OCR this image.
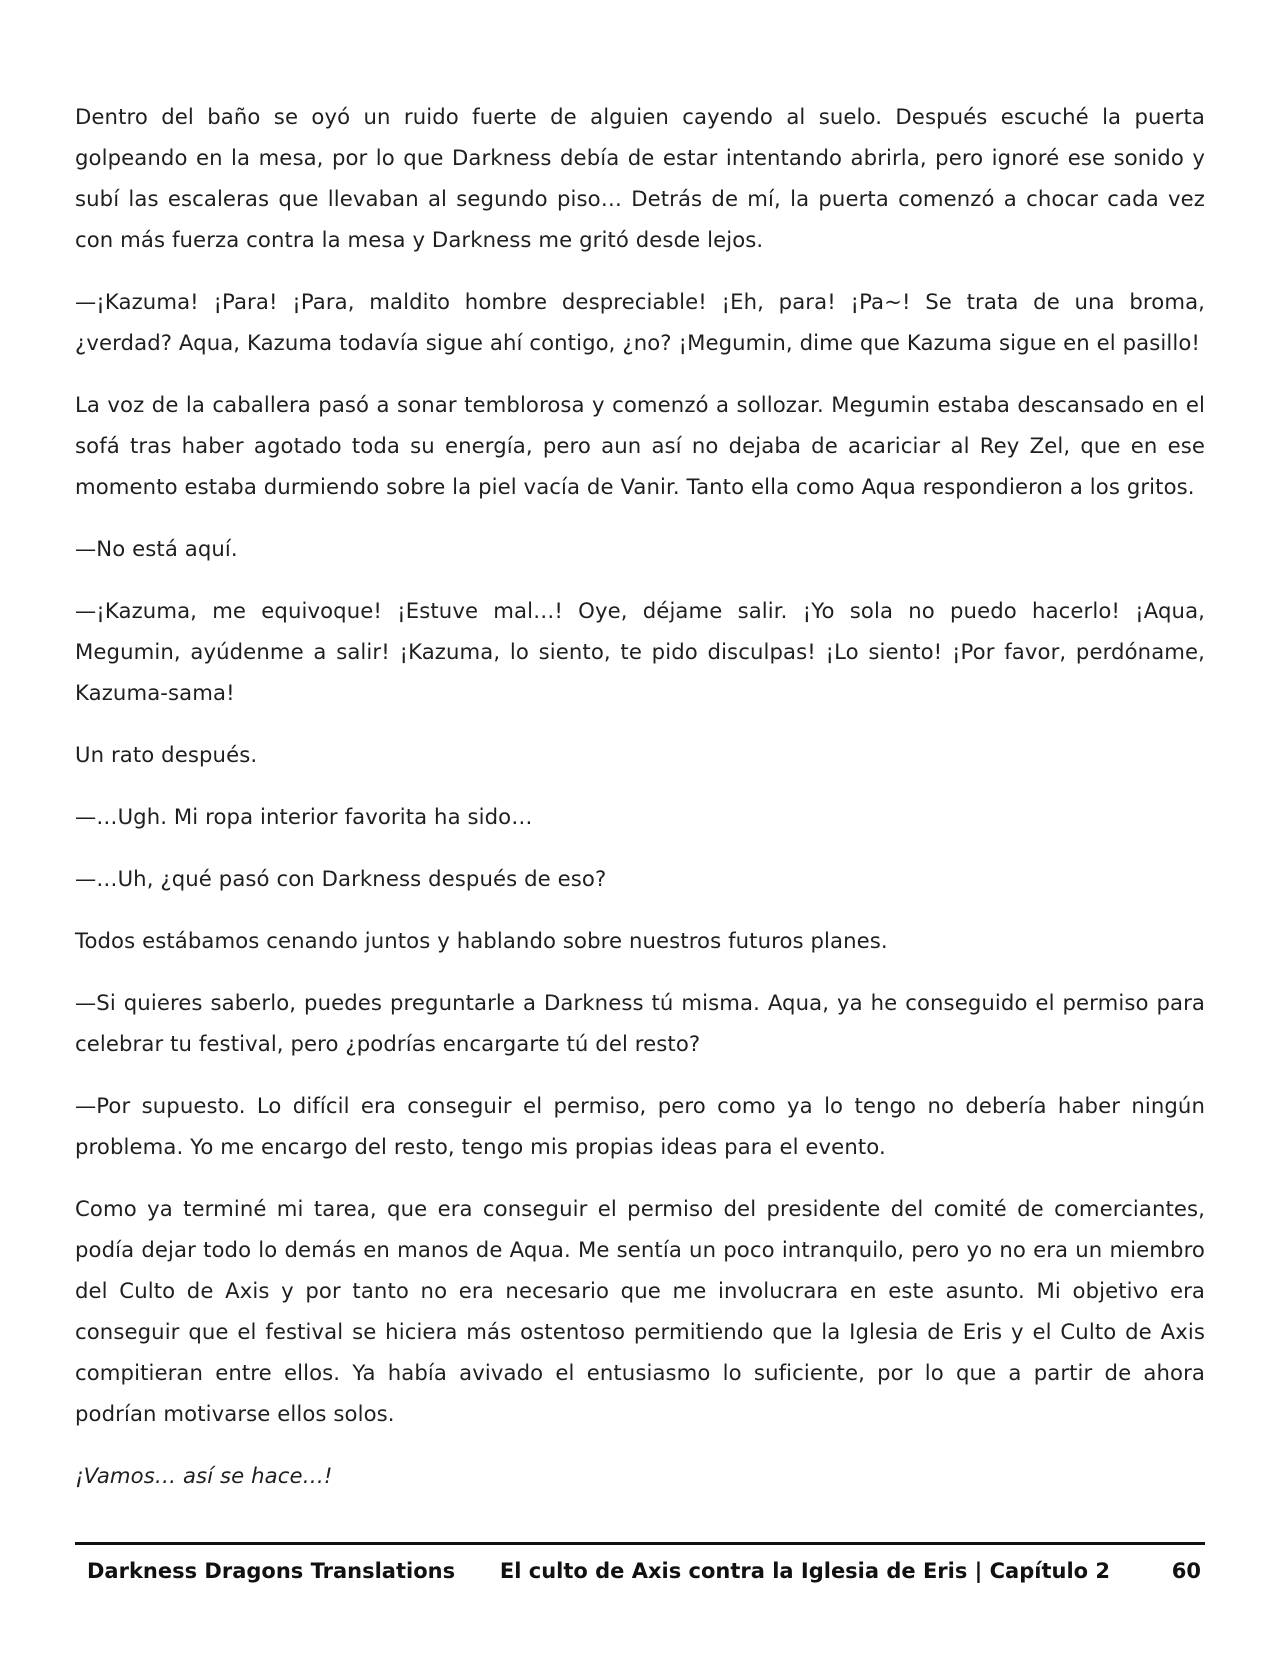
Dentro del baño se oyó un ruido fuerte de alguien cayendo al suelo. Después escuché la puerta golpeando en la mesa, por lo que Darkness debía de estar intentando abrirla, pero ignoré ese sonido y subí las escaleras que llevaban al segundo piso… Detrás de mí, la puerta comenzó a chocar cada vez con más fuerza contra la mesa y Darkness me gritó desde lejos.

—¡Kazuma! ¡Para! ¡Para, maldito hombre despreciable! ¡Eh, para! ¡Pa~! Se trata de una broma, ¿verdad? Aqua, Kazuma todavía sigue ahí contigo, ¿no? ¡Megumin, dime que Kazuma sigue en el pasillo!

La voz de la caballera pasó a sonar temblorosa y comenzó a sollozar. Megumin estaba descansado en el sofá tras haber agotado toda su energía, pero aun así no dejaba de acariciar al Rey Zel, que en ese momento estaba durmiendo sobre la piel vacía de Vanir. Tanto ella como Aqua respondieron a los gritos.

—No está aquí.

—¡Kazuma, me equivoque! ¡Estuve mal…! Oye, déjame salir. ¡Yo sola no puedo hacerlo! ¡Aqua, Megumin, ayúdenme a salir! ¡Kazuma, lo siento, te pido disculpas! ¡Lo siento! ¡Por favor, perdóname, Kazuma-sama!

Un rato después.

—…Ugh. Mi ropa interior favorita ha sido…

—…Uh, ¿qué pasó con Darkness después de eso?

Todos estábamos cenando juntos y hablando sobre nuestros futuros planes.

—Si quieres saberlo, puedes preguntarle a Darkness tú misma. Aqua, ya he conseguido el permiso para celebrar tu festival, pero ¿podrías encargarte tú del resto?

—Por supuesto. Lo difícil era conseguir el permiso, pero como ya lo tengo no debería haber ningún problema. Yo me encargo del resto, tengo mis propias ideas para el evento.

Como ya terminé mi tarea, que era conseguir el permiso del presidente del comité de comerciantes, podía dejar todo lo demás en manos de Aqua. Me sentía un poco intranquilo, pero yo no era un miembro del Culto de Axis y por tanto no era necesario que me involucrara en este asunto. Mi objetivo era conseguir que el festival se hiciera más ostentoso permitiendo que la Iglesia de Eris y el Culto de Axis compitieran entre ellos. Ya había avivado el entusiasmo lo suficiente, por lo que a partir de ahora podrían motivarse ellos solos.

¡Vamos… así se hace…!

Darkness Dragons Translations El culto de Axis contra la Iglesia de Eris | Capítulo 2	60
